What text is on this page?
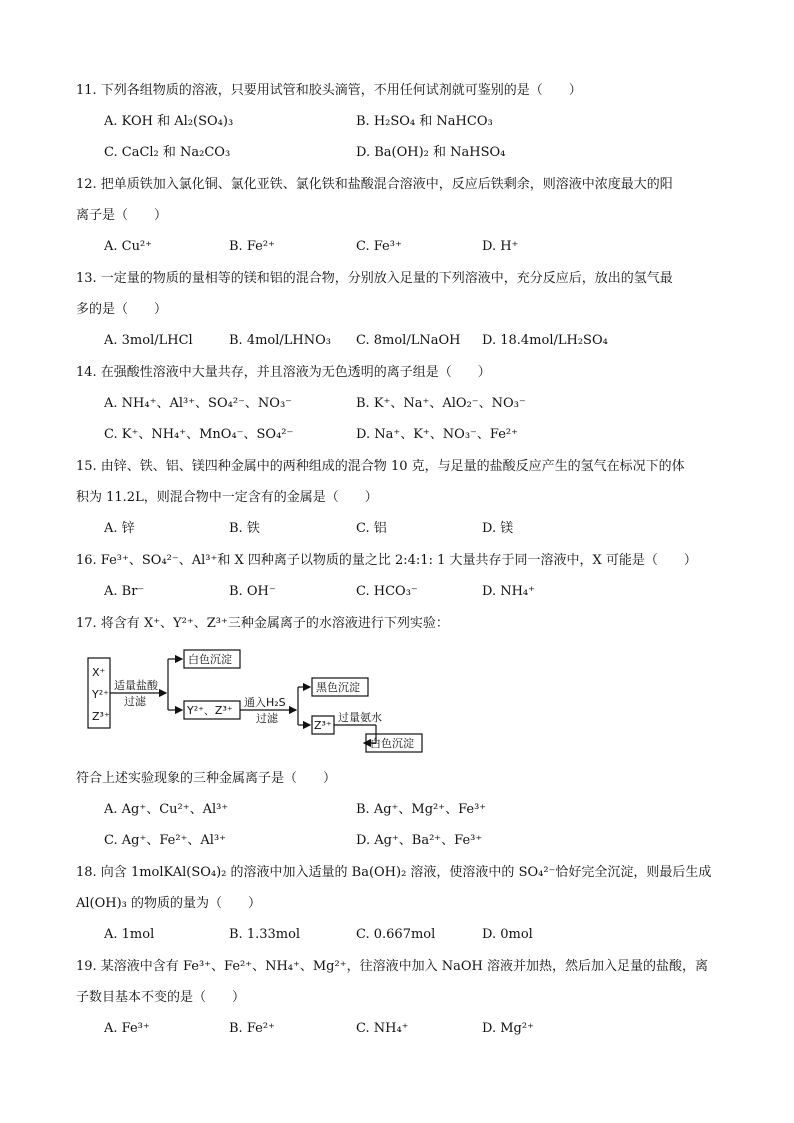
11. 下列各组物质的溶液，只要用试管和胶头滴管，不用任何试剂就可鉴别的是（　　）
A. KOH 和 Al₂(SO₄)₃	B. H₂SO₄ 和 NaHCO₃
C. CaCl₂ 和 Na₂CO₃	D. Ba(OH)₂ 和 NaHSO₄
12. 把单质铁加入氯化铜、氯化亚铁、氯化铁和盐酸混合溶液中，反应后铁剩余，则溶液中浓度最大的阳
离子是（　　）
A. Cu²⁺	B. Fe²⁺	C. Fe³⁺	D. H⁺
13. 一定量的物质的量相等的镁和铝的混合物，分别放入足量的下列溶液中，充分反应后，放出的氢气最
多的是（　　）
A. 3mol/LHCl	B. 4mol/LHNO₃ C. 8mol/LNaOH D. 18.4mol/LH₂SO₄
14. 在强酸性溶液中大量共存，并且溶液为无色透明的离子组是（　　）
A. NH₄⁺、Al³⁺、SO₄²⁻、NO₃⁻	B. K⁺、Na⁺、AlO₂⁻、NO₃⁻
C. K⁺、NH₄⁺、MnO₄⁻、SO₄²⁻	D. Na⁺、K⁺、NO₃⁻、Fe²⁺
15. 由锌、铁、铝、镁四种金属中的两种组成的混合物 10 克，与足量的盐酸反应产生的氢气在标况下的体
积为 11.2L，则混合物中一定含有的金属是（　　）
A. 锌	B. 铁	C. 铝	D. 镁
16. Fe³⁺、SO₄²⁻、Al³⁺和 X 四种离子以物质的量之比 2:4:1: 1 大量共存于同一溶液中，X 可能是（　　）
A. Br⁻	B. OH⁻	C. HCO₃⁻	D. NH₄⁺
17. 将含有 X⁺、Y²⁺、Z³⁺三种金属离子的水溶液进行下列实验：
X⁺
Y²⁺
Z³⁺
适量盐酸
过滤
白色沉淀
Y²⁺、Z³⁺
通入H₂S
过滤
黑色沉淀
Z³⁺
过量氨水
白色沉淀
符合上述实验现象的三种金属离子是（　　）
A. Ag⁺、Cu²⁺、Al³⁺	B. Ag⁺、Mg²⁺、Fe³⁺
C. Ag⁺、Fe²⁺、Al³⁺	D. Ag⁺、Ba²⁺、Fe³⁺
18. 向含 1molKAl(SO₄)₂ 的溶液中加入适量的 Ba(OH)₂ 溶液，使溶液中的 SO₄²⁻恰好完全沉淀，则最后生成
Al(OH)₃ 的物质的量为（　　）
A. 1mol	B. 1.33mol	C. 0.667mol	D. 0mol
19. 某溶液中含有 Fe³⁺、Fe²⁺、NH₄⁺、Mg²⁺，往溶液中加入 NaOH 溶液并加热，然后加入足量的盐酸，离
子数目基本不变的是（　　）
A. Fe³⁺	B. Fe²⁺	C. NH₄⁺	D. Mg²⁺
